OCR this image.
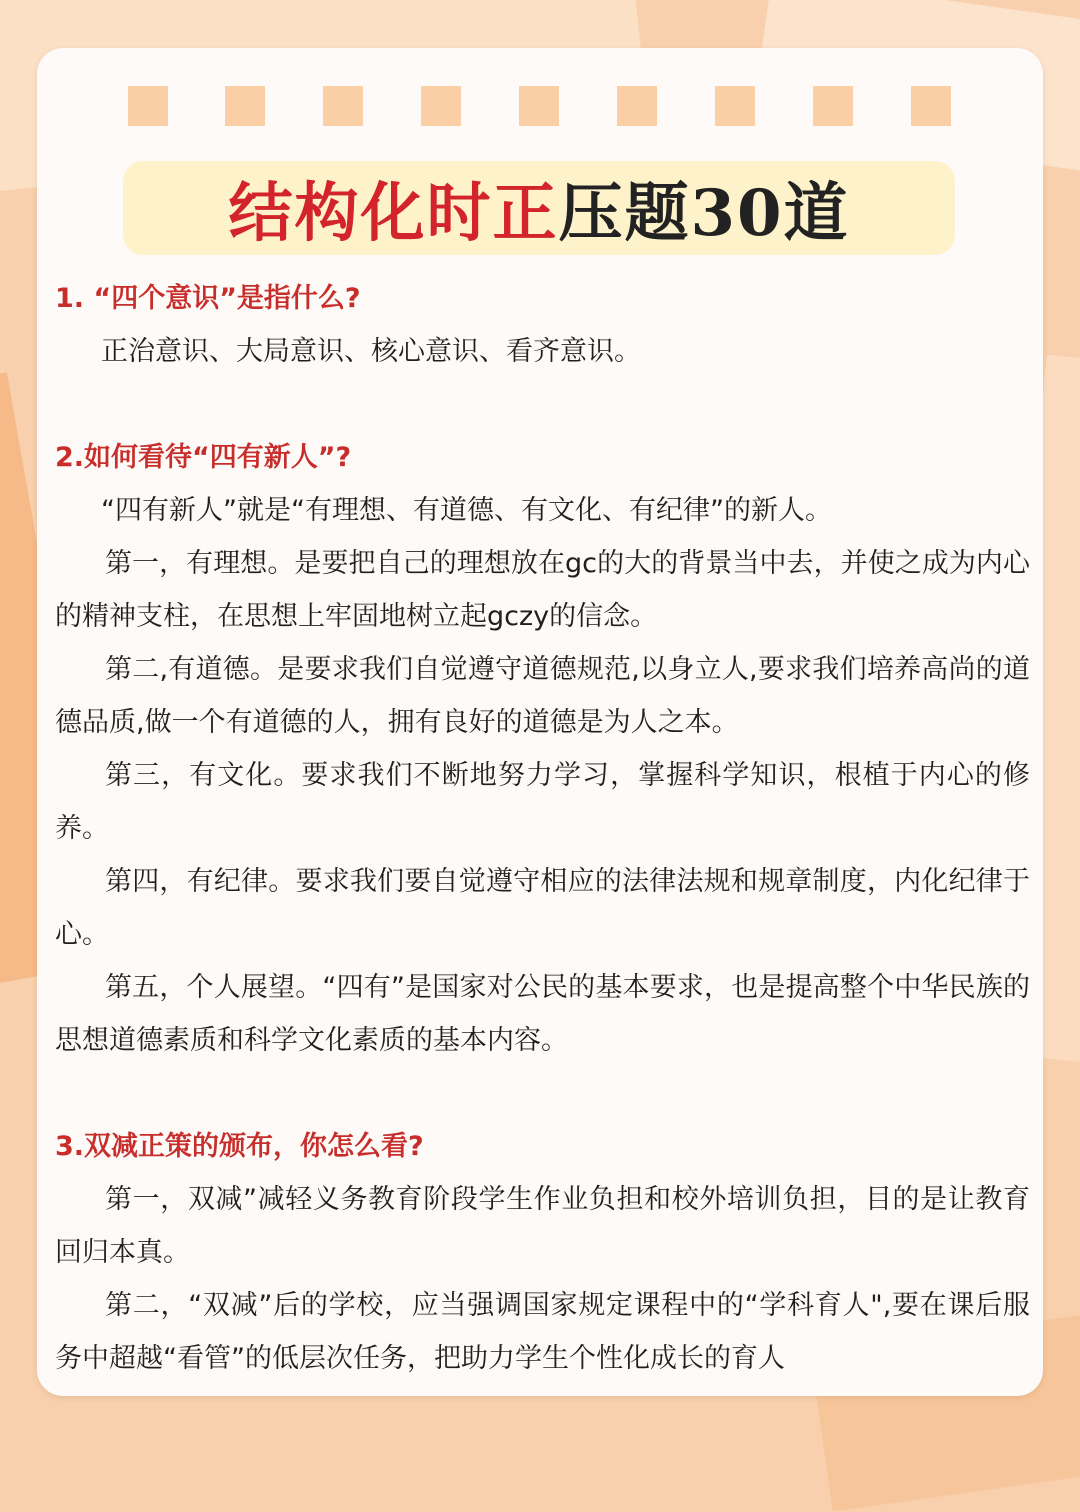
结构化时正 压题30道

1. “四个意识”是指什么?

正治意识、大局意识、核心意识、看齐意识。

2.如何看待“四有新人”?

“四有新人”就是“有理想、有道德、有文化、有纪律”的新人。

第一，有理想。是要把自己的理想放在gc的大的背景当中去，并使之成为内心的精神支柱，在思想上牢固地树立起gczy的信念。

第二,有道德。是要求我们自觉遵守道德规范,以身立人,要求我们培养高尚的道德品质,做一个有道德的人，拥有良好的道德是为人之本。

第三，有文化。要求我们不断地努力学习，掌握科学知识，根植于内心的修养。

第四，有纪律。要求我们要自觉遵守相应的法律法规和规章制度，内化纪律于心。

第五，个人展望。“四有”是国家对公民的基本要求，也是提高整个中华民族的思想道德素质和科学文化素质的基本内容。

3.双减正策的颁布，你怎么看?

第一，双减”减轻义务教育阶段学生作业负担和校外培训负担，目的是让教育回归本真。

第二，“双减”后的学校，应当强调国家规定课程中的“学科育人",要在课后服务中超越“看管”的低层次任务，把助力学生个性化成长的育人
